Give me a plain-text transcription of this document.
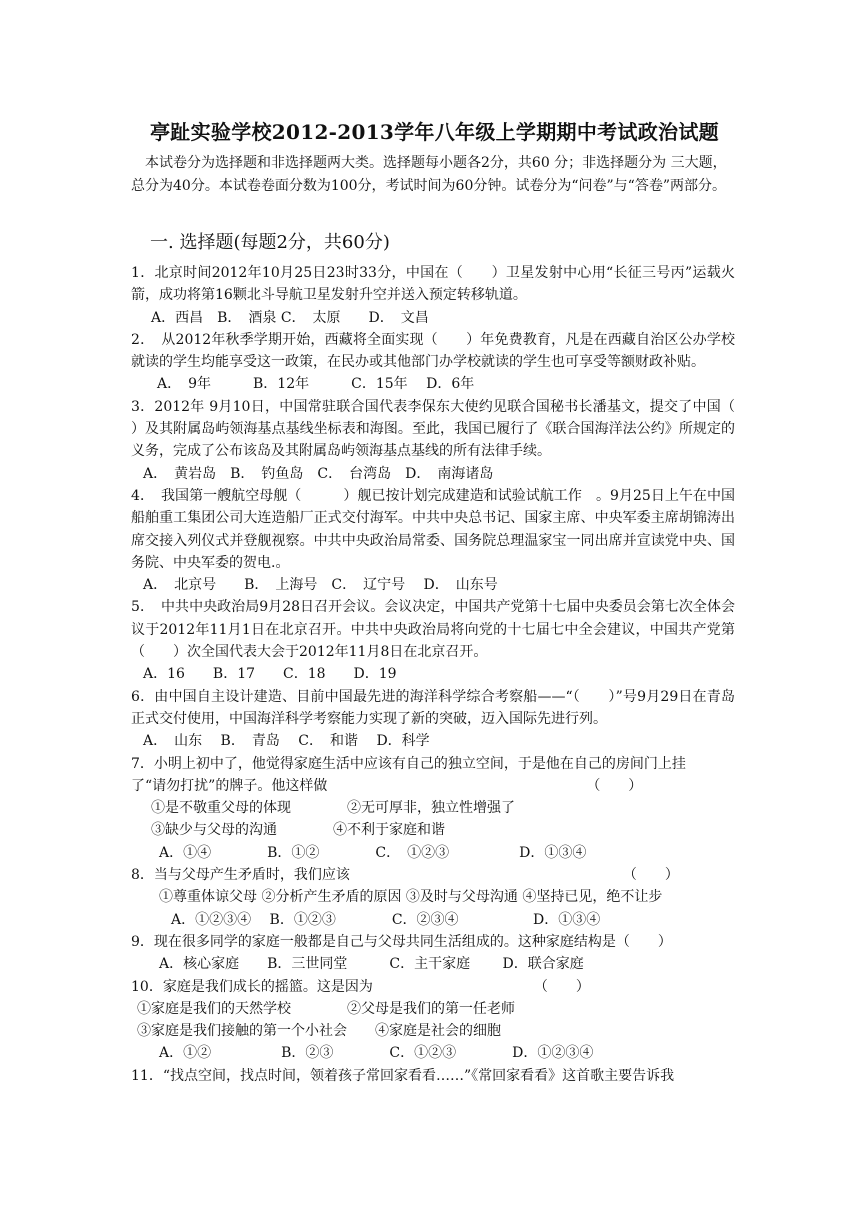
亭趾实验学校2012-2013学年八年级上学期期中考试政治试题

本试卷分为选择题和非选择题两大类。选择题每小题各2分，共60 分；非选择题分为 三大题，总分为40分。本试卷卷面分数为100分，考试时间为60分钟。试卷分为“问卷”与“答卷”两部分。

一. 选择题(每题2分，共60分)
1．北京时间2012年10月25日23时33分，中国在（　　）卫星发射中心用“长征三号丙”运载火箭，成功将第16颗北斗导航卫星发射升空并送入预定转移轨道。
A．西昌　B．　酒泉 C．　太原　　D．　文昌
2．　从2012年秋季学期开始，西藏将全面实现（　　）年免费教育，凡是在西藏自治区公办学校就读的学生均能享受这一政策，在民办或其他部门办学校就读的学生也可享受等额财政补贴。
A．　9年　　　B．12年　　　C．15年　 D．6年
3．2012年 9月10日，中国常驻联合国代表李保东大使约见联合国秘书长潘基文，提交了中国（　 ）及其附属岛屿领海基点基线坐标表和海图。至此，我国已履行了《联合国海洋法公约》所规定的义务，完成了公布该岛及其附属岛屿领海基点基线的所有法律手续。
A．　黄岩岛　B．　钓鱼岛　C．　台湾岛　D．　南海诸岛
4．　我国第一艘航空母舰（　　　）舰已按计划完成建造和试验试航工作　。9月25日上午在中国船舶重工集团公司大连造船厂正式交付海军。中共中央总书记、国家主席、中央军委主席胡锦涛出席交接入列仪式并登舰视察。中共中央政治局常委、国务院总理温家宝一同出席并宣读党中央、国务院、中央军委的贺电.。
A．　北京号　　B．　上海号　C．　辽宁号　 D．　山东号
5．　中共中央政治局9月28日召开会议。会议决定，中国共产党第十七届中央委员会第七次全体会议于2012年11月1日在北京召开。中共中央政治局将向党的十七届七中全会建议，中国共产党第（　　）次全国代表大会于2012年11月8日在北京召开。
A．16　　B．17　　C．18　　D．19
6．由中国自主设计建造、目前中国最先进的海洋科学综合考察船——“（　　）”号9月29日在青岛正式交付使用，中国海洋科学考察能力实现了新的突破，迈入国际先进行列。
A．　山东　 B．　青岛　 C．　和谐　 D．科学
7．小明上初中了，他觉得家庭生活中应该有自己的独立空间，于是他在自己的房间门上挂
了“请勿打扰”的牌子。他这样做　　　　　　　　　　　　　　　　　　　（　　）
①是不敬重父母的体现　　　　②无可厚非，独立性增强了
③缺少与父母的沟通　　　　④不利于家庭和谐
A．①④　　　　B．①②　　　　C．　①②③　　　　　D．①③④
8．当与父母产生矛盾时，我们应该　　　　　　　　　　　　　　　　　　　　（　　）
①尊重体谅父母 ②分析产生矛盾的原因 ③及时与父母沟通 ④坚持已见，绝不让步
A．①②③④　 B．①②③　　　　C．②③④　　　　　 D．①③④
9．现在很多同学的家庭一般都是自己与父母共同生活组成的。这种家庭结构是（　　）
A．核心家庭　　B．三世同堂　　　C．主干家庭　　 D．联合家庭
10．家庭是我们成长的摇篮。这是因为　　　　　　　　　　　　（　　）
①家庭是我们的天然学校　　　　②父母是我们的第一任老师
③家庭是我们接触的第一个小社会　　④家庭是社会的细胞
A．①②　　　　　B．②③　　　　C．①②③　　　　D．①②③④
11．“找点空间，找点时间，领着孩子常回家看看……”《常回家看看》这首歌主要告诉我
